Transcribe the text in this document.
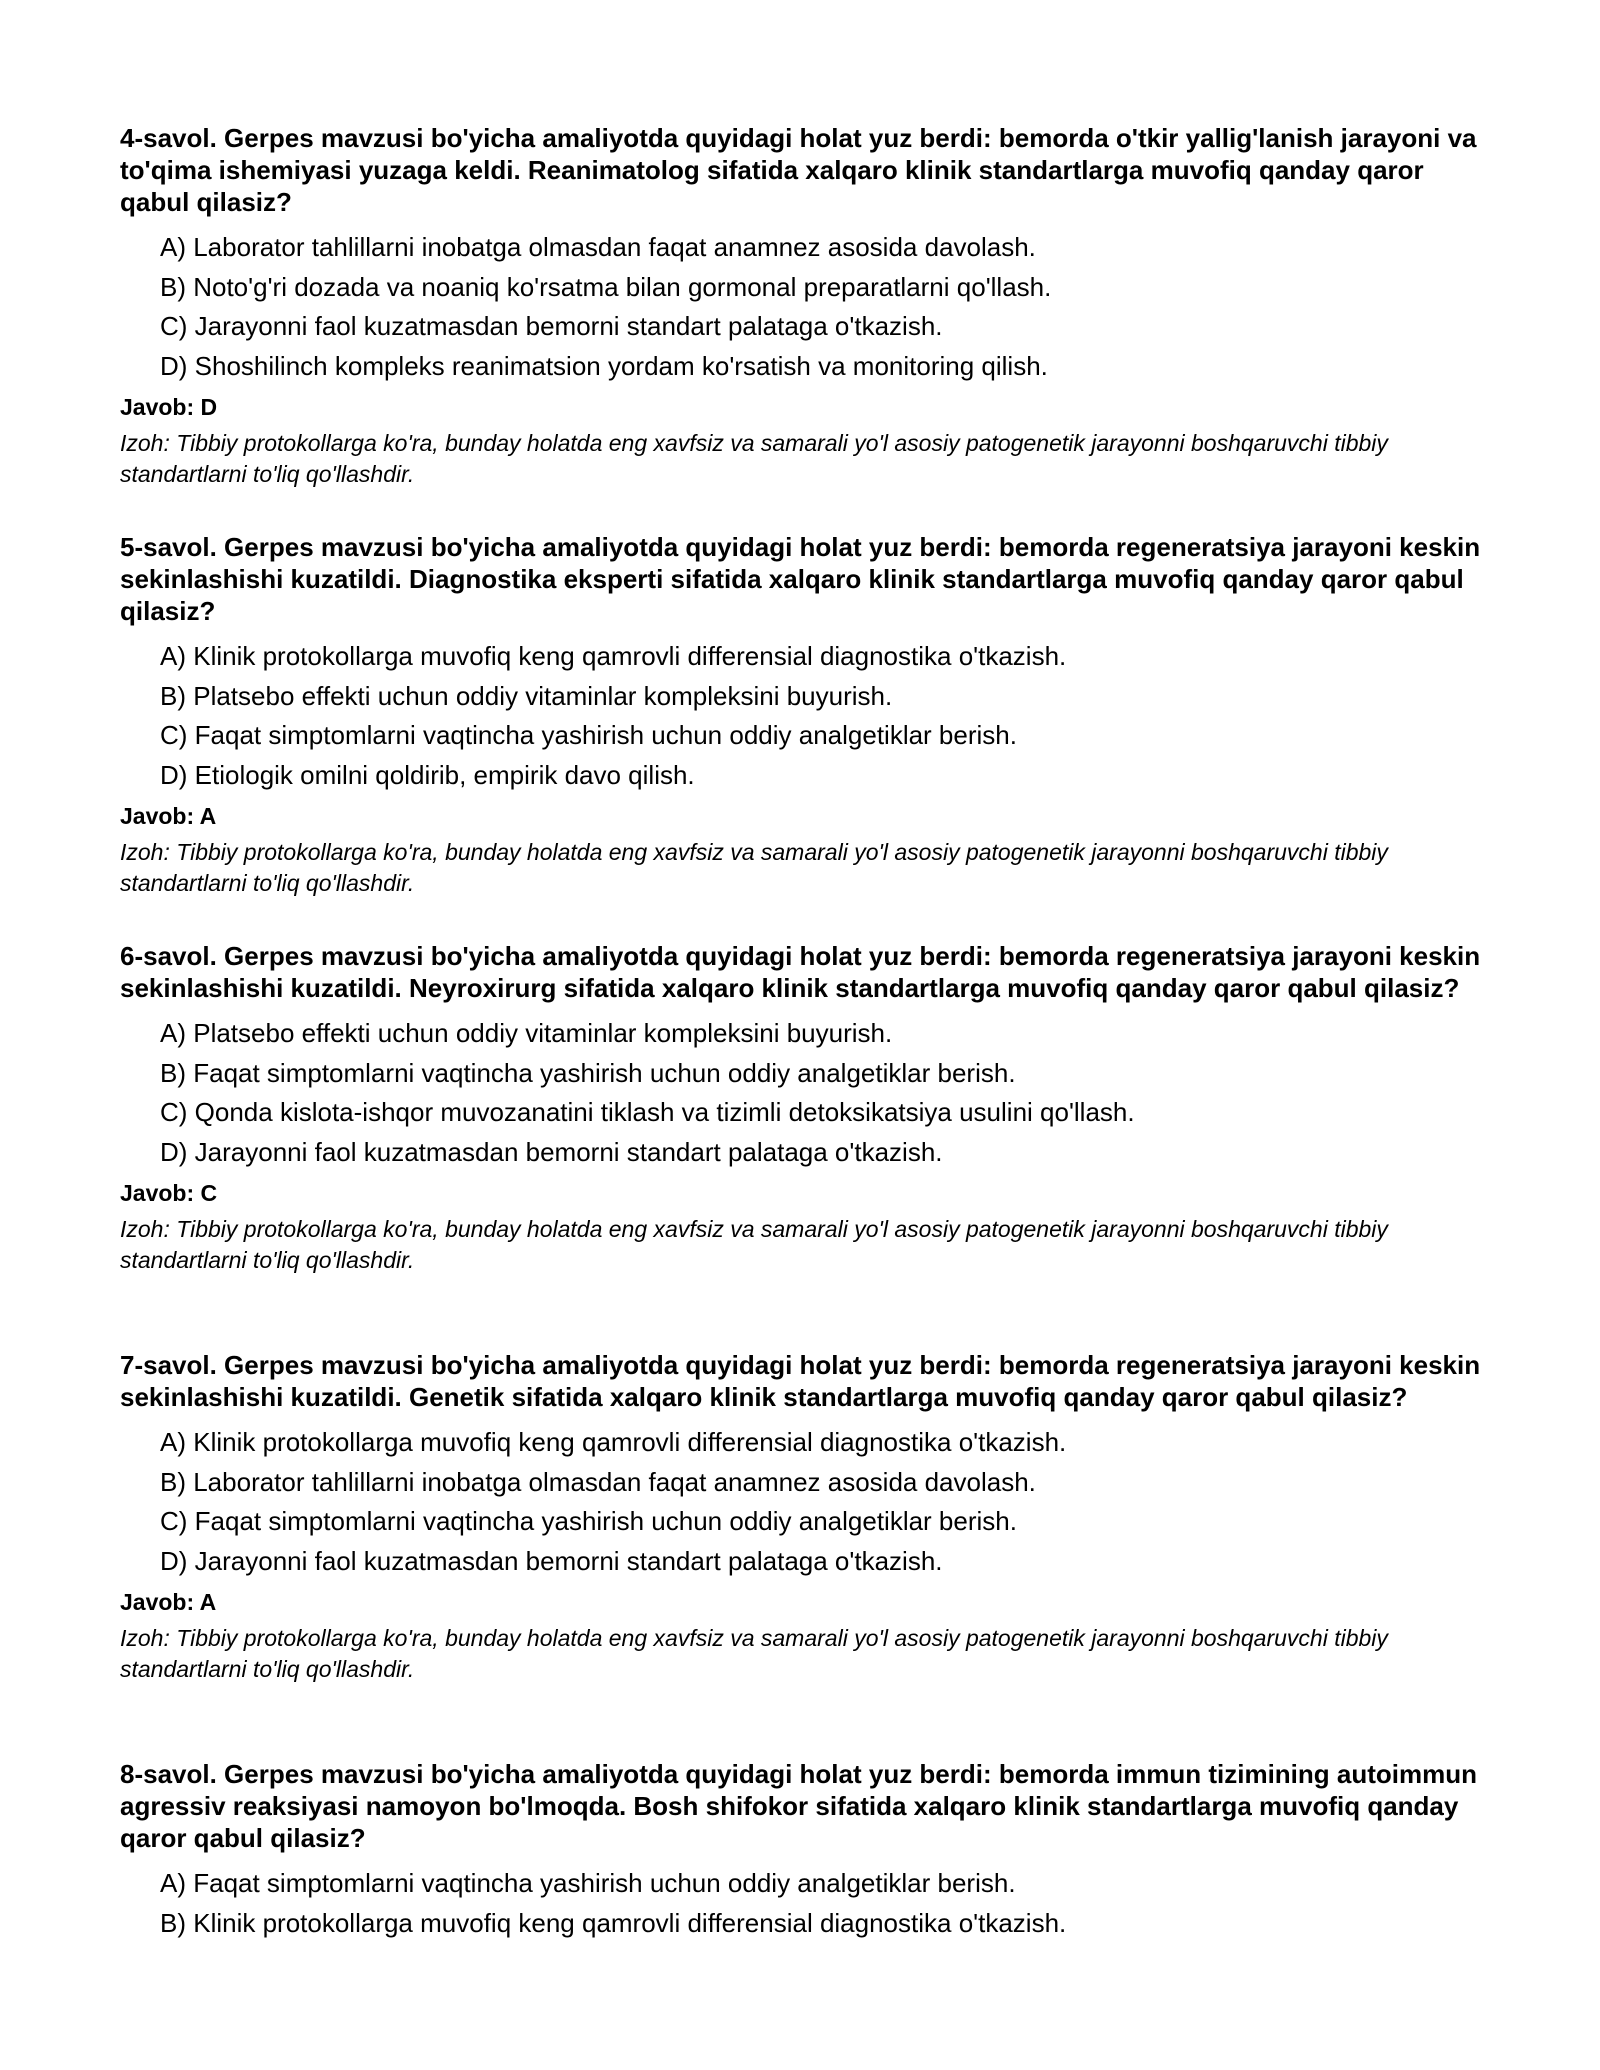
4-savol. Gerpes mavzusi bo'yicha amaliyotda quyidagi holat yuz berdi: bemorda o'tkir yallig'lanish jarayoni va to'qima ishemiyasi yuzaga keldi. Reanimatolog sifatida xalqaro klinik standartlarga muvofiq qanday qaror qabul qilasiz?

A) Laborator tahlillarni inobatga olmasdan faqat anamnez asosida davolash.
B) Noto'g'ri dozada va noaniq ko'rsatma bilan gormonal preparatlarni qo'llash.
C) Jarayonni faol kuzatmasdan bemorni standart palataga o'tkazish.
D) Shoshilinch kompleks reanimatsion yordam ko'rsatish va monitoring qilish.
Javob: D
Izoh: Tibbiy protokollarga ko'ra, bunday holatda eng xavfsiz va samarali yo'l asosiy patogenetik jarayonni boshqaruvchi tibbiy standartlarni to'liq qo'llashdir.

5-savol. Gerpes mavzusi bo'yicha amaliyotda quyidagi holat yuz berdi: bemorda regeneratsiya jarayoni keskin sekinlashishi kuzatildi. Diagnostika eksperti sifatida xalqaro klinik standartlarga muvofiq qanday qaror qabul qilasiz?

A) Klinik protokollarga muvofiq keng qamrovli differensial diagnostika o'tkazish.
B) Platsebo effekti uchun oddiy vitaminlar kompleksini buyurish.
C) Faqat simptomlarni vaqtincha yashirish uchun oddiy analgetiklar berish.
D) Etiologik omilni qoldirib, empirik davo qilish.
Javob: A
Izoh: Tibbiy protokollarga ko'ra, bunday holatda eng xavfsiz va samarali yo'l asosiy patogenetik jarayonni boshqaruvchi tibbiy standartlarni to'liq qo'llashdir.

6-savol. Gerpes mavzusi bo'yicha amaliyotda quyidagi holat yuz berdi: bemorda regeneratsiya jarayoni keskin sekinlashishi kuzatildi. Neyroxirurg sifatida xalqaro klinik standartlarga muvofiq qanday qaror qabul qilasiz?

A) Platsebo effekti uchun oddiy vitaminlar kompleksini buyurish.
B) Faqat simptomlarni vaqtincha yashirish uchun oddiy analgetiklar berish.
C) Qonda kislota-ishqor muvozanatini tiklash va tizimli detoksikatsiya usulini qo'llash.
D) Jarayonni faol kuzatmasdan bemorni standart palataga o'tkazish.
Javob: C
Izoh: Tibbiy protokollarga ko'ra, bunday holatda eng xavfsiz va samarali yo'l asosiy patogenetik jarayonni boshqaruvchi tibbiy standartlarni to'liq qo'llashdir.

7-savol. Gerpes mavzusi bo'yicha amaliyotda quyidagi holat yuz berdi: bemorda regeneratsiya jarayoni keskin sekinlashishi kuzatildi. Genetik sifatida xalqaro klinik standartlarga muvofiq qanday qaror qabul qilasiz?

A) Klinik protokollarga muvofiq keng qamrovli differensial diagnostika o'tkazish.
B) Laborator tahlillarni inobatga olmasdan faqat anamnez asosida davolash.
C) Faqat simptomlarni vaqtincha yashirish uchun oddiy analgetiklar berish.
D) Jarayonni faol kuzatmasdan bemorni standart palataga o'tkazish.
Javob: A
Izoh: Tibbiy protokollarga ko'ra, bunday holatda eng xavfsiz va samarali yo'l asosiy patogenetik jarayonni boshqaruvchi tibbiy standartlarni to'liq qo'llashdir.

8-savol. Gerpes mavzusi bo'yicha amaliyotda quyidagi holat yuz berdi: bemorda immun tizimining autoimmun agressiv reaksiyasi namoyon bo'lmoqda. Bosh shifokor sifatida xalqaro klinik standartlarga muvofiq qanday qaror qabul qilasiz?

A) Faqat simptomlarni vaqtincha yashirish uchun oddiy analgetiklar berish.
B) Klinik protokollarga muvofiq keng qamrovli differensial diagnostika o'tkazish.
